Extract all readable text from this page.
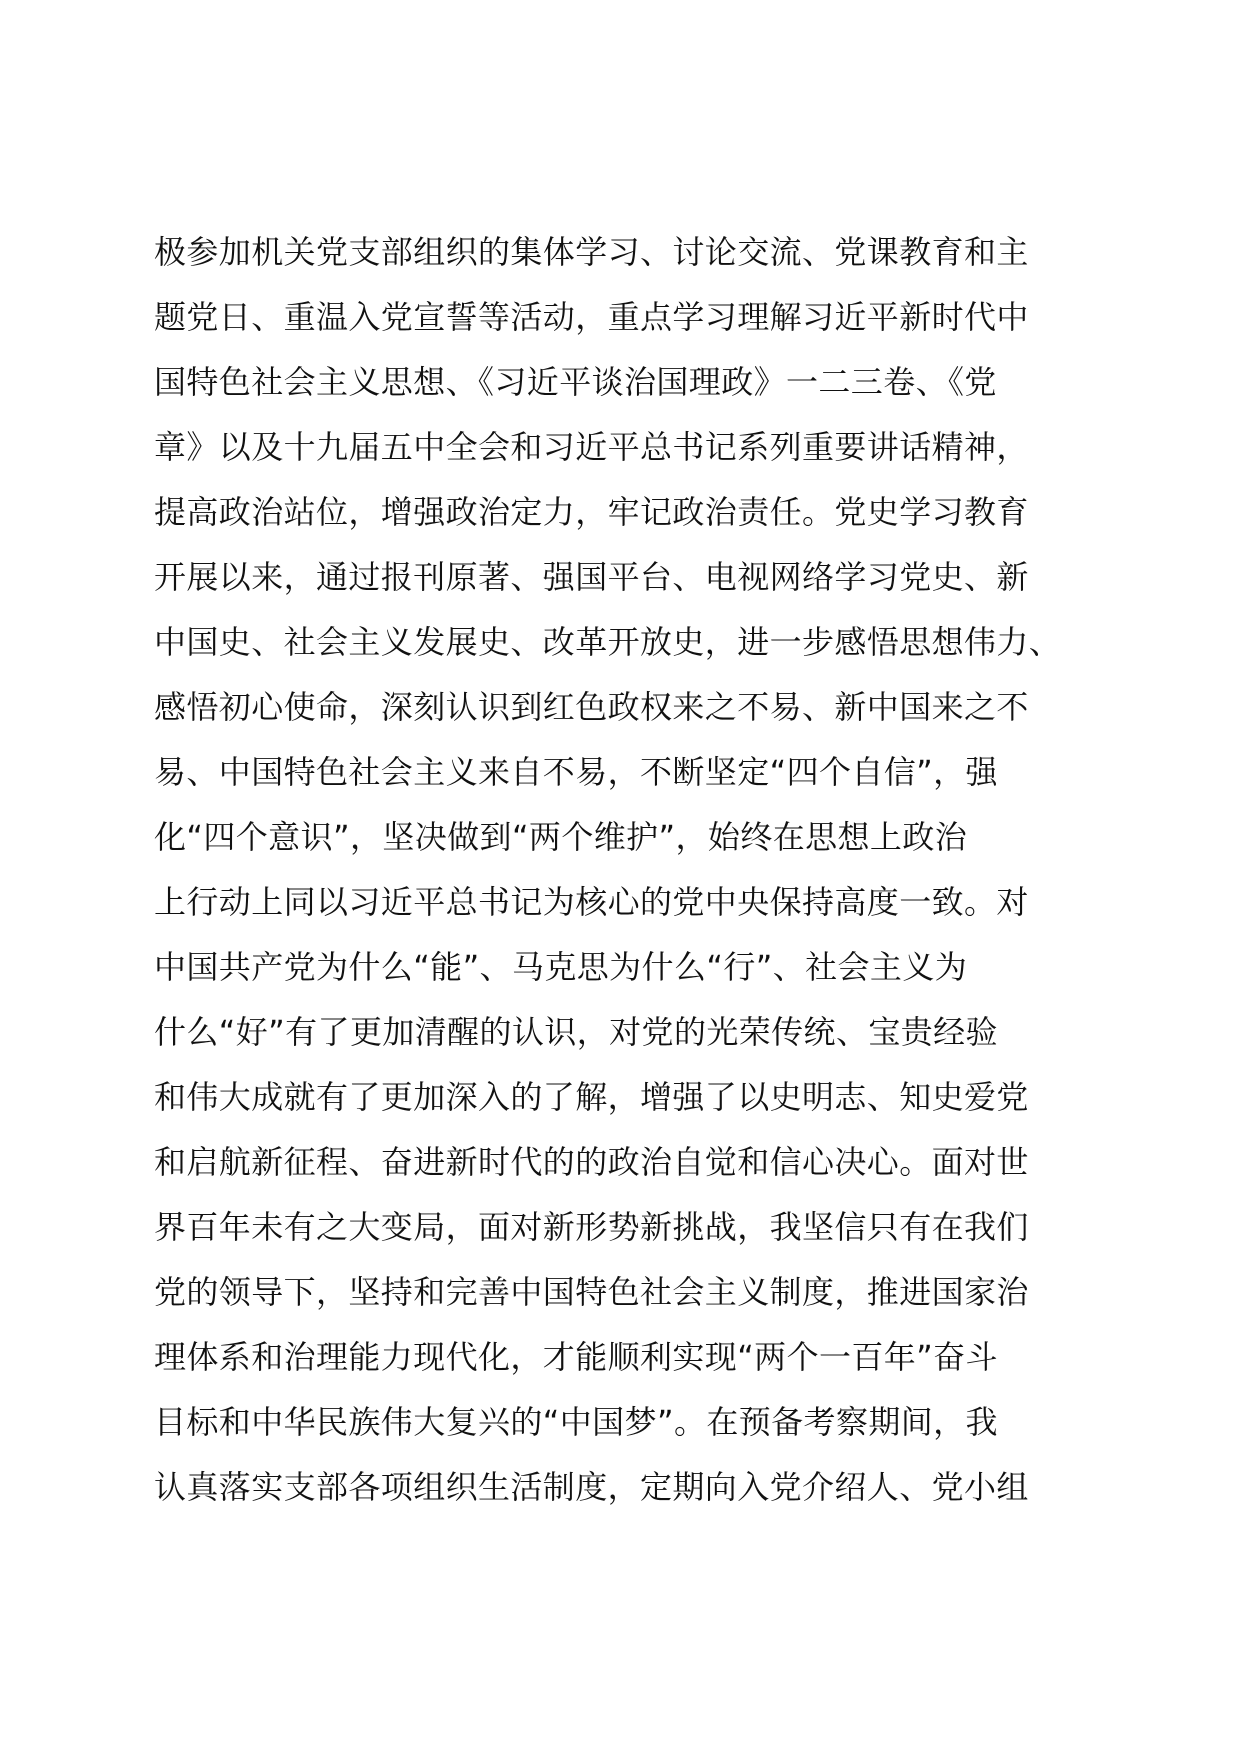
极参加机关党支部组织的集体学习、讨论交流、党课教育和主
题党日、重温入党宣誓等活动，重点学习理解习近平新时代中
国特色社会主义思想、《习近平谈治国理政》一二三卷、《党
章》以及十九届五中全会和习近平总书记系列重要讲话精神，
提高政治站位，增强政治定力，牢记政治责任。党史学习教育
开展以来，通过报刊原著、强国平台、电视网络学习党史、新
中国史、社会主义发展史、改革开放史，进一步感悟思想伟力、
感悟初心使命，深刻认识到红色政权来之不易、新中国来之不
易、中国特色社会主义来自不易，不断坚定“四个自信”，强
化“四个意识”，坚决做到“两个维护”，始终在思想上政治
上行动上同以习近平总书记为核心的党中央保持高度一致。对
中国共产党为什么“能”、马克思为什么“行”、社会主义为
什么“好”有了更加清醒的认识，对党的光荣传统、宝贵经验
和伟大成就有了更加深入的了解，增强了以史明志、知史爱党
和启航新征程、奋进新时代的的政治自觉和信心决心。面对世
界百年未有之大变局，面对新形势新挑战，我坚信只有在我们
党的领导下，坚持和完善中国特色社会主义制度，推进国家治
理体系和治理能力现代化，才能顺利实现“两个一百年”奋斗
目标和中华民族伟大复兴的“中国梦”。在预备考察期间，我
认真落实支部各项组织生活制度，定期向入党介绍人、党小组
